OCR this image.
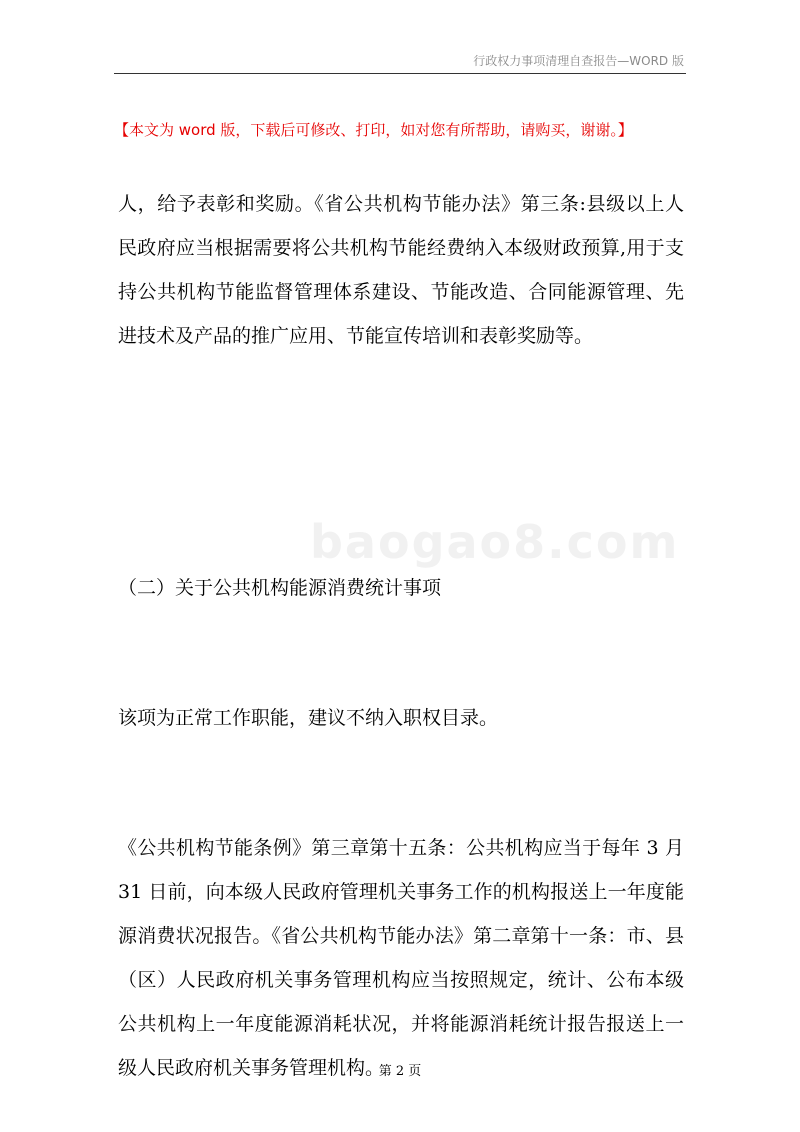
行政权力事项清理自查报告—WORD 版
baogao8.com
【本文为 word 版，下载后可修改、打印，如对您有所帮助，请购买，谢谢。】

人，给予表彰和奖励。《省公共机构节能办法》第三条:县级以上人民政府应当根据需要将公共机构节能经费纳入本级财政预算,用于支持公共机构节能监督管理体系建设、节能改造、合同能源管理、先进技术及产品的推广应用、节能宣传培训和表彰奖励等。

（二）关于公共机构能源消费统计事项

该项为正常工作职能，建议不纳入职权目录。

《公共机构节能条例》第三章第十五条：公共机构应当于每年 3 月 31 日前，向本级人民政府管理机关事务工作的机构报送上一年度能源消费状况报告。《省公共机构节能办法》第二章第十一条：市、县（区）人民政府机关事务管理机构应当按照规定，统计、公布本级公共机构上一年度能源消耗状况，并将能源消耗统计报告报送上一级人民政府机关事务管理机构。

第 2 页
